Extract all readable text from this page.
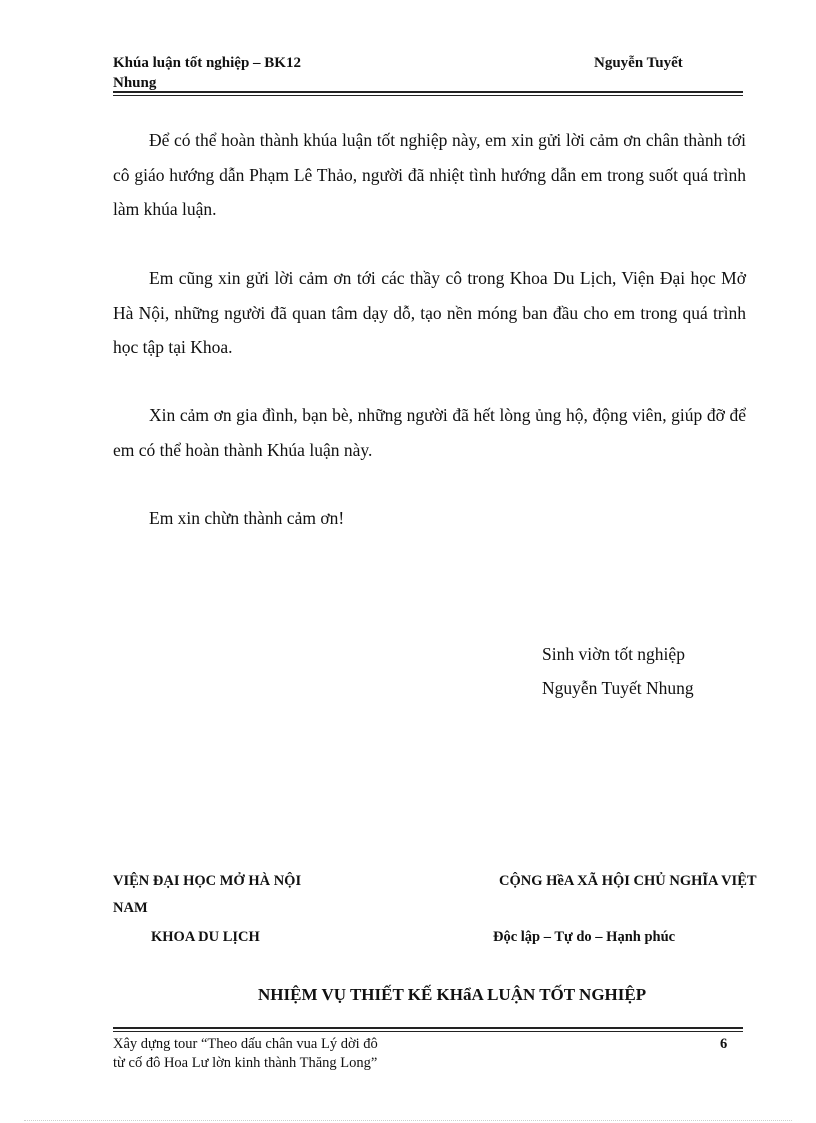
Khúa luận tốt nghiệp – BK12
Nhung
Nguyễn Tuyết

Để có thể hoàn thành khúa luận tốt nghiệp này, em xin gửi lời cảm ơn chân thành tới cô giáo hướng dẫn Phạm Lê Thảo, người đã nhiệt tình hướng dẫn em trong suốt quá trình làm khúa luận.

Em cũng xin gửi lời cảm ơn tới các thầy cô trong Khoa Du Lịch, Viện Đại học Mở Hà Nội, những người đã quan tâm dạy dỗ, tạo nền móng ban đầu cho em trong quá trình học tập tại Khoa.

Xin cảm ơn gia đình, bạn bè, những người đã hết lòng ủng hộ, động viên, giúp đỡ để em có thể hoàn thành Khúa luận này.

Em xin chừn thành cảm ơn!
Sinh viờn tốt nghiệp
Nguyễn Tuyết Nhung
VIỆN ĐẠI HỌC MỞ HÀ NỘI	CỘNG HềA XÃ HỘI CHỦ NGHĨA VIỆT
NAM
KHOA DU LỊCH	Độc lập – Tự do – Hạnh phúc
NHIỆM VỤ THIẾT KẾ KHẩA LUẬN TỐT NGHIỆP
Xây dựng tour “Theo dấu chân vua Lý dời đô
từ cố đô Hoa Lư lờn kinh thành Thăng Long”
6
